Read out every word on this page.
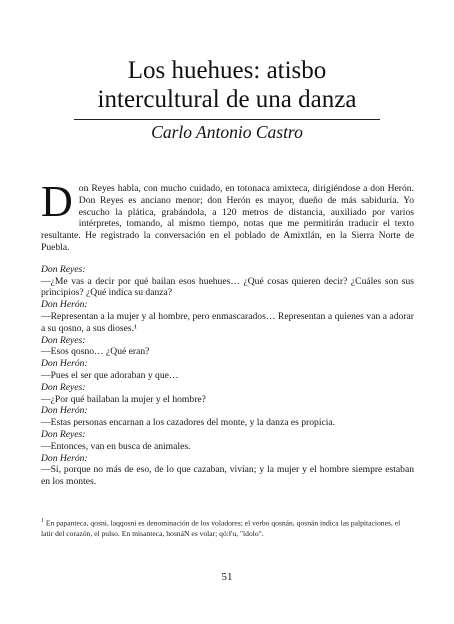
Los huehues: atisbo
intercultural de una danza
Carlo Antonio Castro

Don Reyes habla, con mucho cuidado, en totonaca amixteca, dirigiéndose a don Herón. Don Reyes es anciano menor; don Herón es mayor, dueño de más sabiduría. Yo escucho la plática, grabándola, a 120 metros de distancia, auxiliado por varios intérpretes, tomando, al mismo tiempo, notas que me permitirán traducir el texto resultante. He registrado la conversación en el poblado de Amixtlán, en la Sierra Norte de Puebla.

Don Reyes:

—¿Me vas a decir por qué bailan esos huehues… ¿Qué cosas quieren decir? ¿Cuáles son sus principios? ¿Qué indica su danza?

Don Herón:

—Representan a la mujer y al hombre, pero enmascarados… Representan a quienes van a adorar a su qosno, a sus dioses.¹

Don Reyes:

—Esos qosno… ¿Qué eran?

Don Herón:

—Pues el ser que adoraban y que…

Don Reyes:

—¿Por qué bailaban la mujer y el hombre?

Don Herón:

—Estas personas encarnan a los cazadores del monte, y la danza es propicia.

Don Reyes:

—Entonces, van en busca de animales.

Don Herón:

—Sí, porque no más de eso, de lo que cazaban, vivían; y la mujer y el hombre siempre estaban en los montes.

$^1$ En papanteca, qosni, laqqosni es denominación de los voladores; el verbo qosnán, qosnán indica las palpitaciones, el latir del corazón, el pulso. En misanteca, hosnáN es volar; qó:ɬ'u, "ídolo".
51
